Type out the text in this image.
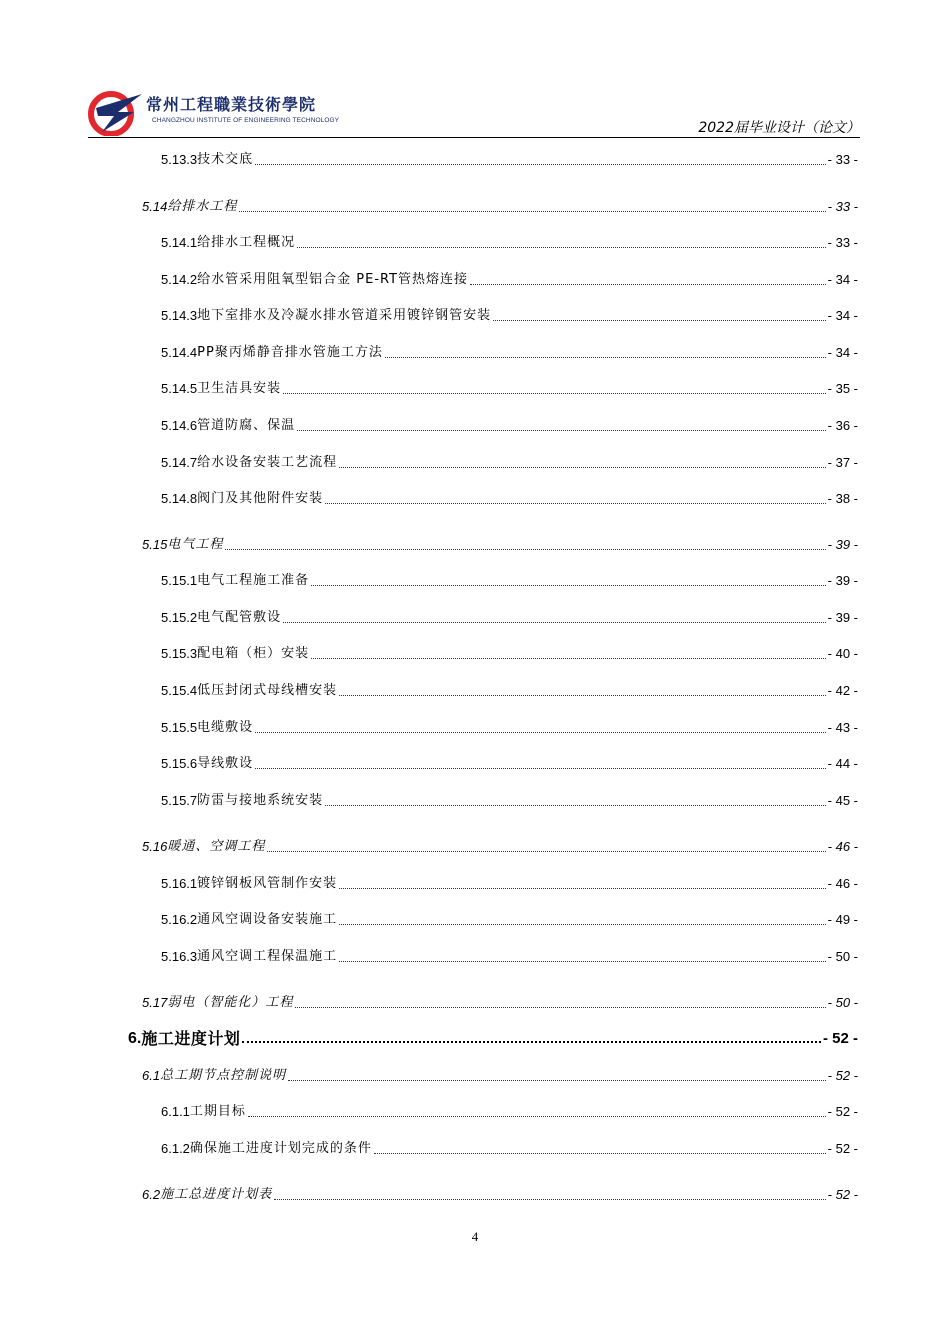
常州工程職業技術學院
CHANGZHOU INSTITUTE OF ENGINEERING TECHNOLOGY	2022届毕业设计（论文）
5.13.3 技术交底	- 33 -
5.14 给排水工程	- 33 -
5.14.1 给排水工程概况	- 33 -
5.14.2 给水管采用阻氧型铝合金 PE-RT管热熔连接	- 34 -
5.14.3 地下室排水及冷凝水排水管道采用镀锌钢管安装	- 34 -
5.14.4 PP聚丙烯静音排水管施工方法	- 34 -
5.14.5 卫生洁具安装	- 35 -
5.14.6 管道防腐、保温	- 36 -
5.14.7 给水设备安装工艺流程	- 37 -
5.14.8 阀门及其他附件安装	- 38 -
5.15 电气工程	- 39 -
5.15.1 电气工程施工准备	- 39 -
5.15.2 电气配管敷设	- 39 -
5.15.3 配电箱（柜）安装	- 40 -
5.15.4 低压封闭式母线槽安装	- 42 -
5.15.5 电缆敷设	- 43 -
5.15.6 导线敷设	- 44 -
5.15.7 防雷与接地系统安装	- 45 -
5.16 暖通、空调工程	- 46 -
5.16.1 镀锌钢板风管制作安装	- 46 -
5.16.2 通风空调设备安装施工	- 49 -
5.16.3 通风空调工程保温施工	- 50 -
5.17 弱电（智能化）工程	- 50 -
6. 施工进度计划	- 52 -
6.1 总工期节点控制说明	- 52 -
6.1.1 工期目标	- 52 -
6.1.2 确保施工进度计划完成的条件	- 52 -
6.2 施工总进度计划表	- 52 -
4
